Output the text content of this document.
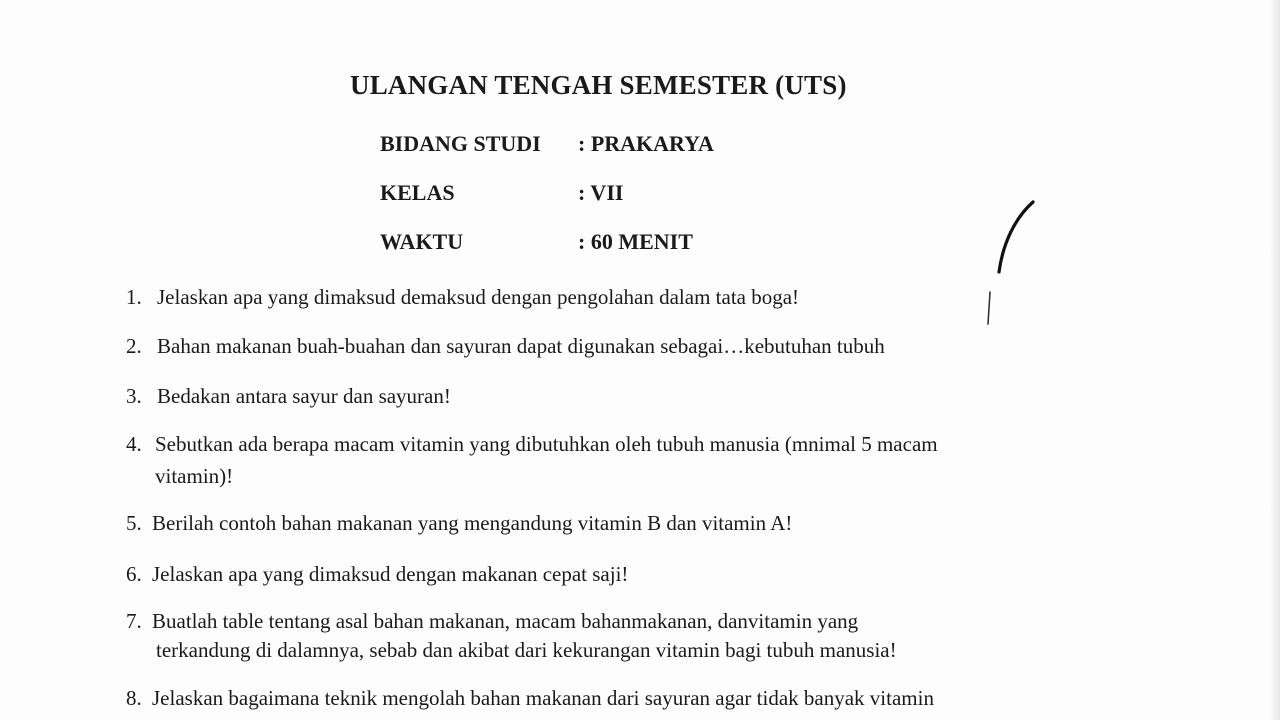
ULANGAN TENGAH SEMESTER (UTS)
BIDANG STUDI : PRAKARYA
KELAS	: VII
WAKTU	: 60 MENIT
1. Jelaskan apa yang dimaksud demaksud dengan pengolahan dalam tata boga!
2. Bahan makanan buah-buahan dan sayuran dapat digunakan sebagai…kebutuhan tubuh
3. Bedakan antara sayur dan sayuran!
4. Sebutkan ada berapa macam vitamin yang dibutuhkan oleh tubuh manusia (mnimal 5 macam
vitamin)!
5. Berilah contoh bahan makanan yang mengandung vitamin B dan vitamin A!
6. Jelaskan apa yang dimaksud dengan makanan cepat saji!
7. Buatlah table tentang asal bahan makanan, macam bahanmakanan, danvitamin yang
terkandung di dalamnya, sebab dan akibat dari kekurangan vitamin bagi tubuh manusia!
8. Jelaskan bagaimana teknik mengolah bahan makanan dari sayuran agar tidak banyak vitamin
